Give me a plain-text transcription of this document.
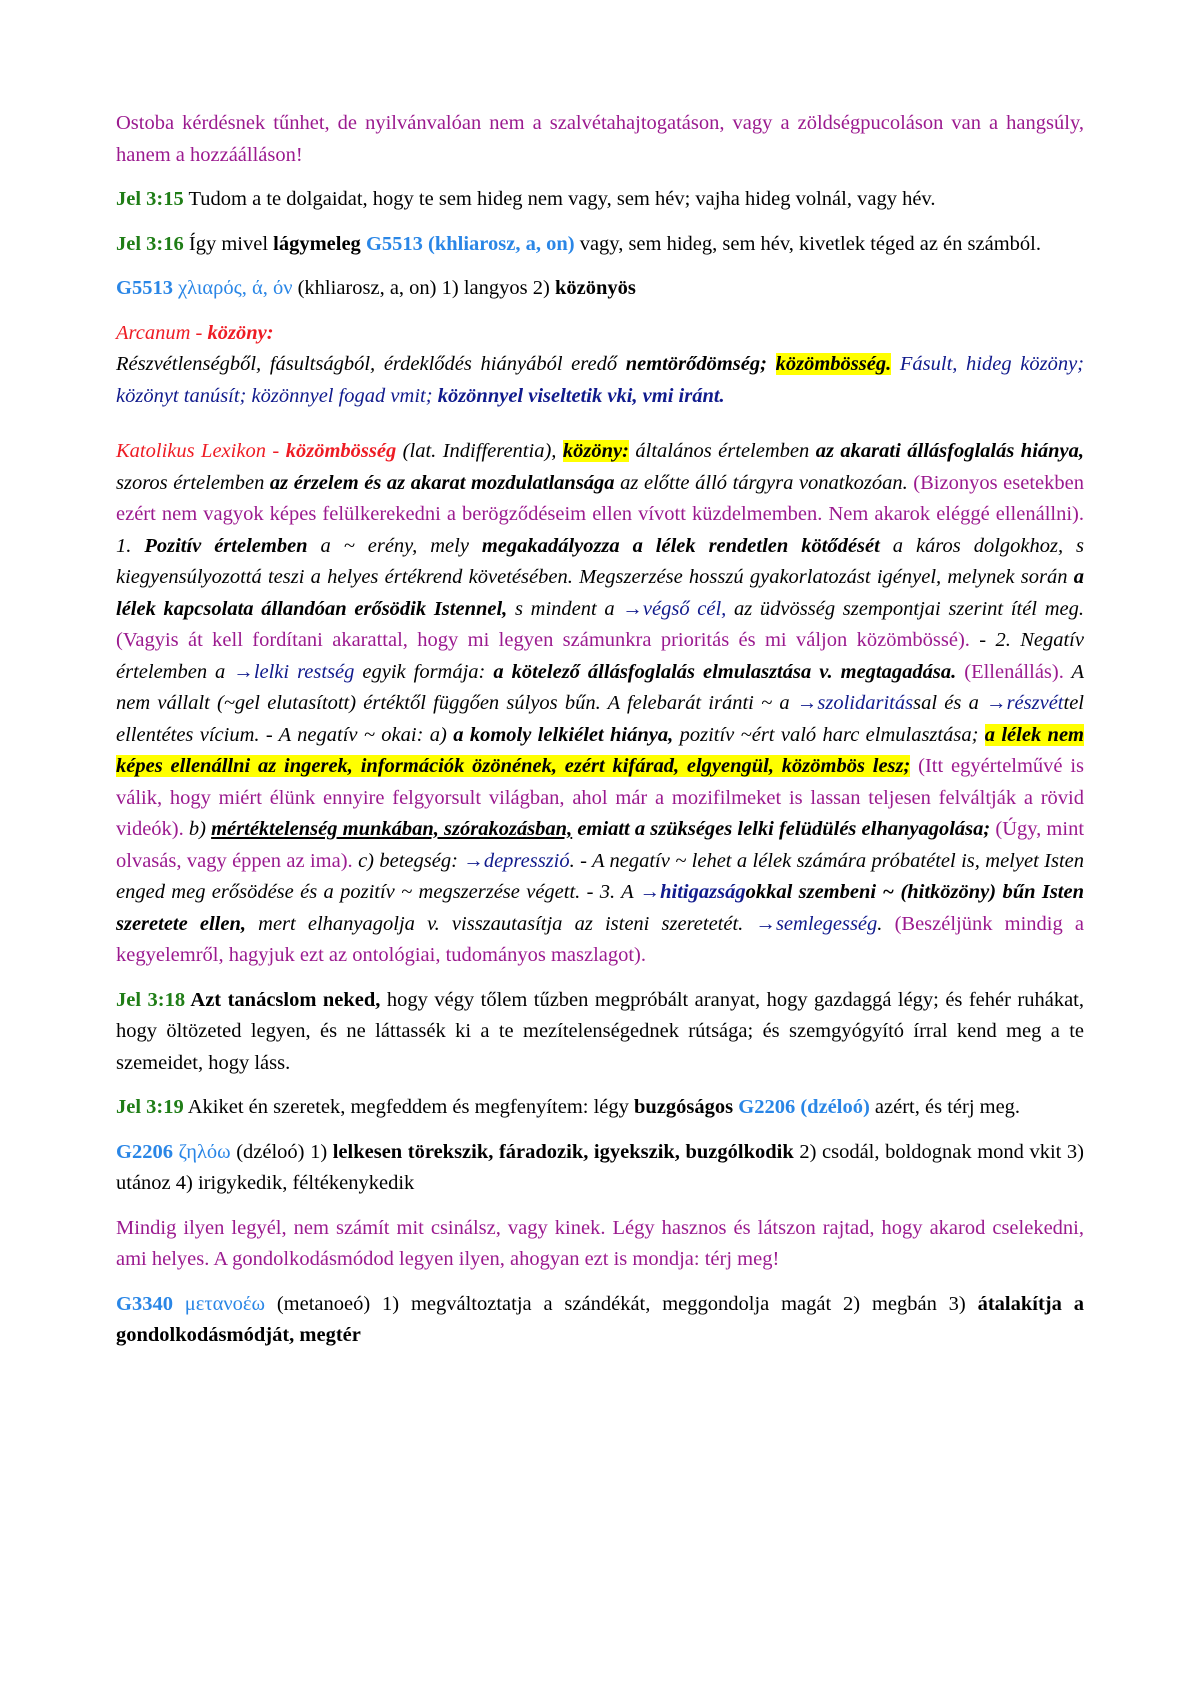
Ostoba kérdésnek tűnhet, de nyilvánvalóan nem a szalvétahajtogatáson, vagy a zöldségpucoláson van a hangsúly, hanem a hozzáálláson!

Jel 3:15 Tudom a te dolgaidat, hogy te sem hideg nem vagy, sem hév; vajha hideg volnál, vagy hév.

Jel 3:16 Így mivel lágymeleg G5513 (khliarosz, a, on) vagy, sem hideg, sem hév, kivetlek téged az én számból.

G5513 χλιαρός, ά, όν (khliarosz, a, on) 1) langyos 2) közönyös

Arcanum - közöny:

Részvétlenségből, fásultságból, érdeklődés hiányából eredő nemtörődömség; közömbösség. Fásult, hideg közöny; közönyt tanúsít; közönnyel fogad vmit; közönnyel viseltetik vki, vmi iránt.

Katolikus Lexikon - közömbösség (lat. Indifferentia), közöny: általános értelemben az akarati állásfoglalás hiánya, szoros értelemben az érzelem és az akarat mozdulatlansága az előtte álló tárgyra vonatkozóan. (Bizonyos esetekben ezért nem vagyok képes felülkerekedni a berögződéseim ellen vívott küzdelmemben. Nem akarok eléggé ellenállni). 1. Pozitív értelemben a ~ erény, mely megakadályozza a lélek rendetlen kötődését a káros dolgokhoz, s kiegyensúlyozottá teszi a helyes értékrend követésében. Megszerzése hosszú gyakorlatozást igényel, melynek során a lélek kapcsolata állandóan erősödik Istennel, s mindent a →végső cél, az üdvösség szempontjai szerint ítél meg. (Vagyis át kell fordítani akarattal, hogy mi legyen számunkra prioritás és mi váljon közömbössé). - 2. Negatív értelemben a →lelki restség egyik formája: a kötelező állásfoglalás elmulasztása v. megtagadása. (Ellenállás). A nem vállalt (~gel elutasított) értéktől függően súlyos bűn. A felebarát iránti ~ a →szolidaritással és a →részvéttel ellentétes vícium. - A negatív ~ okai: a) a komoly lelkiélet hiánya, pozitív ~ért való harc elmulasztása; a lélek nem képes ellenállni az ingerek, információk özönének, ezért kifárad, elgyengül, közömbös lesz; (Itt egyértelművé is válik, hogy miért élünk ennyire felgyorsult világban, ahol már a mozifilmeket is lassan teljesen felváltják a rövid videók). b) mértéktelenség munkában, szórakozásban, emiatt a szükséges lelki felüdülés elhanyagolása; (Úgy, mint olvasás, vagy éppen az ima). c) betegség: →depresszió. - A negatív ~ lehet a lélek számára próbatétel is, melyet Isten enged meg erősödése és a pozitív ~ megszerzése végett. - 3. A →hitigazságokkal szembeni ~ (hitközöny) bűn Isten szeretete ellen, mert elhanyagolja v. visszautasítja az isteni szeretetét. →semlegesség. (Beszéljünk mindig a kegyelemről, hagyjuk ezt az ontológiai, tudományos maszlagot).

Jel 3:18 Azt tanácslom neked, hogy végy tőlem tűzben megpróbált aranyat, hogy gazdaggá légy; és fehér ruhákat, hogy öltözeted legyen, és ne láttassék ki a te mezítelenségednek rútsága; és szemgyógyító írral kend meg a te szemeidet, hogy láss.

Jel 3:19 Akiket én szeretek, megfeddem és megfenyítem: légy buzgóságos G2206 (dzéloó) azért, és térj meg.

G2206 ζηλόω (dzéloó) 1) lelkesen törekszik, fáradozik, igyekszik, buzgólkodik 2) csodál, boldognak mond vkit 3) utánoz 4) irigykedik, féltékenykedik

Mindig ilyen legyél, nem számít mit csinálsz, vagy kinek. Légy hasznos és látszon rajtad, hogy akarod cselekedni, ami helyes. A gondolkodásmódod legyen ilyen, ahogyan ezt is mondja: térj meg!

G3340 μετανοέω (metanoeó) 1) megváltoztatja a szándékát, meggondolja magát 2) megbán 3) átalakítja a gondolkodásmódját, megtér
